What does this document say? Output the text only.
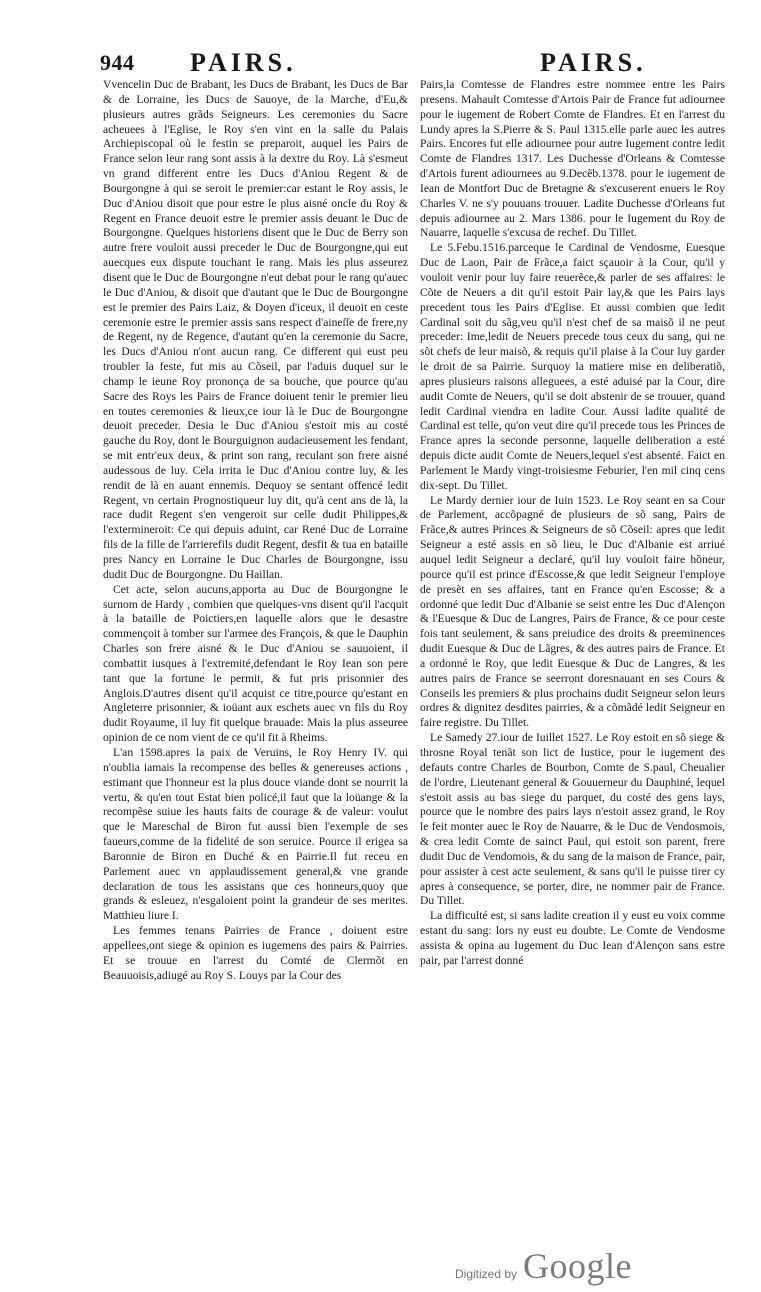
944 PAIRS.	PAIRS.

Vvencelin Duc de Brabant, les Ducs de Brabant, les Ducs de Bar & de Lorraine, les Ducs de Sauoye, de la Marche, d'Eu,& plusieurs autres grãds Seigneurs. Les ceremonies du Sacre acheuees à l'Eglise, le Roy s'en vint en la salle du Palais Archiepiscopal où le festin se preparoit, auquel les Pairs de France selon leur rang sont assis à la dextre du Roy. Là s'esmeut vn grand different entre les Ducs d'Aniou Regent & de Bourgongne à qui se seroit le premier:car estant le Roy assis, le Duc d'Aniou disoit que pour estre le plus aisné oncle du Roy & Regent en France deuoit estre le premier assis deuant le Duc de Bourgongne. Quelques historiens disent que le Duc de Berry son autre frere vouloit aussi preceder le Duc de Bourgongne,qui eut auecques eux dispute touchant le rang. Mais les plus asseurez disent que le Duc de Bourgongne n'eut debat pour le rang qu'auec le Duc d'Aniou, & disoit que d'autant que le Duc de Bourgongne est le premier des Pairs Laiz, & Doyen d'iceux, il deuoit en ceste ceremonie estre le premier assis sans respect d'aineſſe de frere,ny de Regent, ny de Regence, d'autant qu'en la ceremonie du Sacre, les Ducs d'Aniou n'ont aucun rang. Ce different qui eust peu troubler la feste, fut mis au Cõseil, par l'aduis duquel sur le champ le ieune Roy prononça de sa bouche, que pource qu'au Sacre des Roys les Pairs de France doiuent tenir le premier lieu en toutes ceremonies & lieux,ce iour là le Duc de Bourgongne deuoit preceder. Desia le Duc d'Aniou s'estoit mis au costé gauche du Roy, dont le Bourguignon audacieusement les fendant, se mit entr'eux deux, & print son rang, reculant son frere aisné audessous de luy. Cela irrita le Duc d'Aniou contre luy, & les rendit de là en auant ennemis. Dequoy se sentant offencé ledit Regent, vn certain Prognostiqueur luy dit, qu'à cent ans de là, la race dudit Regent s'en vengeroit sur celle dudit Philippes,& l'extermineroit: Ce qui depuis aduint, car René Duc de Lorraine fils de la fille de l'arrierefils dudit Regent, desfit & tua en bataille pres Nancy en Lorraine le Duc Charles de Bourgongne, issu dudit Duc de Bourgongne. Du Haillan.

Cet acte, selon aucuns,apporta au Duc de Bourgongne le surnom de Hardy , combien que quelques-vns disent qu'il l'acquit à la bataille de Poictiers,en laquelle alors que le desastre commençoit à tomber sur l'armee des François, & que le Dauphin Charles son frere aisné & le Duc d'Aniou se sauuoient, il combattit iusques à l'extremité,defendant le Roy Iean son pere tant que la fortune le permit, & fut pris prisonnier des Anglois.D'autres disent qu'il acquist ce titre,pource qu'estant en Angleterre prisonnier, & ioüant aux eschets auec vn fils du Roy dudit Royaume, il luy fit quelque brauade: Mais la plus asseuree opinion de ce nom vient de ce qu'il fit à Rheims.

L'an 1598.apres la paix de Veruins, le Roy Henry IV. qui n'oublia iamais la recompense des belles & genereuses actions , estimant que l'honneur est la plus douce viande dont se nourrit la vertu, & qu'en tout Estat bien policé,il faut que la loüange & la recompẽse suiue les hauts faits de courage & de valeur: voulut que le Mareschal de Biron fut aussi bien l'exemple de ses faueurs,comme de la fidelité de son seruice. Pource il erigea sa Baronnie de Biron en Duché & en Pairrie.Il fut receu en Parlement auec vn applaudissement general,& vne grande declaration de tous les assistans que ces honneurs,quoy que grands & esleuez, n'esgaloient point la grandeur de ses merites. Matthieu liure I.

Les femmes tenans Pairries de France , doiuent estre appellees,ont siege & opinion es iugemens des pairs & Pairries. Et se trouue en l'arrest du Comté de Clermõt en Beauuoisis,adiugé au Roy S. Louys par la Cour des

Pairs,la Comtesse de Flandres estre nommee entre les Pairs presens. Mahault Comtesse d'Artois Pair de France fut adiournee pour le iugement de Robert Comte de Flandres. Et en l'arrest du Lundy apres la S.Pierre & S. Paul 1315.elle parle auec les autres Pairs. Encores fut elle adiournee pour autre Iugement contre ledit Comte de Flandres 1317. Les Duchesse d'Orleans & Comtesse d'Artois furent adiournees au 9.Decẽb.1378. pour le iugement de Iean de Montfort Duc de Bretagne & s'excuserent enuers le Roy Charles V. ne s'y pouuans trouuer. Ladite Duchesse d'Orleans fut depuis adiournee au 2. Mars 1386. pour le Iugement du Roy de Nauarre, laquelle s'excusa de rechef. Du Tillet.

Le 5.Febu.1516.parceque le Cardinal de Vendosme, Euesque Duc de Laon, Pair de Frãce,a faict sçauoir à la Cour, qu'il y vouloit venir pour luy faire reuerẽce,& parler de ses affaires: le Cõte de Neuers a dit qu'il estoit Pair lay,& que les Pairs lays precedent tous les Pairs d'Eglise. Et aussi combien que ledit Cardinal soit du sãg,veu qu'il n'est chef de sa maisõ il ne peut preceder: Ime,ledit de Neuers precede tous ceux du sang, qui ne sõt chefs de leur maisõ, & requis qu'il plaise à la Cour luy garder le droit de sa Pairrie. Surquoy la matiere mise en deliberatiõ, apres plusieurs raisons alleguees, a esté aduisé par la Cour, dire audit Comte de Neuers, qu'il se doit abstenir de se trouuer, quand ledit Cardinal viendra en ladite Cour. Aussi ladite qualité de Cardinal est telle, qu'on veut dire qu'il precede tous les Princes de France apres la seconde personne, laquelle deliberation a esté depuis dicte audit Comte de Neuers,lequel s'est absenté. Faict en Parlement le Mardy vingt-troisiesme Feburier, l'en mil cinq cens dix-sept. Du Tillet.

Le Mardy dernier iour de Iuin 1523. Le Roy seant en sa Cour de Parlement, accõpagné de plusieurs de sõ sang, Pairs de Frãce,& autres Princes & Seigneurs de sõ Cõseil: apres que ledit Seigneur a esté assis en sõ lieu, le Duc d'Albanie est arriué auquel ledit Seigneur a declaré, qu'il luy vouloit faire hõneur, pource qu'il est prince d'Escosse,& que ledit Seigneur l'employe de presẽt en ses affaires, tant en France qu'en Escosse; & a ordonné que ledit Duc d'Albanie se seist entre les Duc d'Alençon & l'Euesque & Duc de Langres, Pairs de France, & ce pour ceste fois tant seulement, & sans preiudice des droits & preeminences dudit Euesque & Duc de Lãgres, & des autres pairs de France. Et a ordonné le Roy, que ledit Euesque & Duc de Langres, & les autres pairs de France se seerront doresnauant en ses Cours & Conseils les premiers & plus prochains dudit Seigneur selon leurs ordres & dignitez desdites pairries, & a cõmãdé ledit Seigneur en faire registre. Du Tillet.

Le Samedy 27.iour de Iuillet 1527. Le Roy estoit en sõ siege & throsne Royal tenãt son lict de Iustice, pour le iugement des defauts contre Charles de Bourbon, Comte de S.paul, Cheualier de l'ordre, Lieutenant general & Gouuerneur du Dauphiné, lequel s'estoit assis au bas siege du parquet, du costé des gens lays, pource que le nombre des pairs lays n'estoit assez grand, le Roy le feit monter auec le Roy de Nauarre, & le Duc de Vendosmois, & crea ledit Comte de sainct Paul, qui estoit son parent, frere dudit Duc de Vendomois, & du sang de la maison de France, pair, pour assister à cest acte seulement, & sans qu'il le puisse tirer cy apres à consequence, se porter, dire, ne nommer pair de France. Du Tillet.

La difficulté est, si sans ladite creation il y eust eu voix comme estant du sang: lors ny eust eu doubte. Le Comte de Vendosme assista & opina au Iugement du Duc Iean d'Alençon sans estre pair, par l'arrest donné

Digitized by Google
